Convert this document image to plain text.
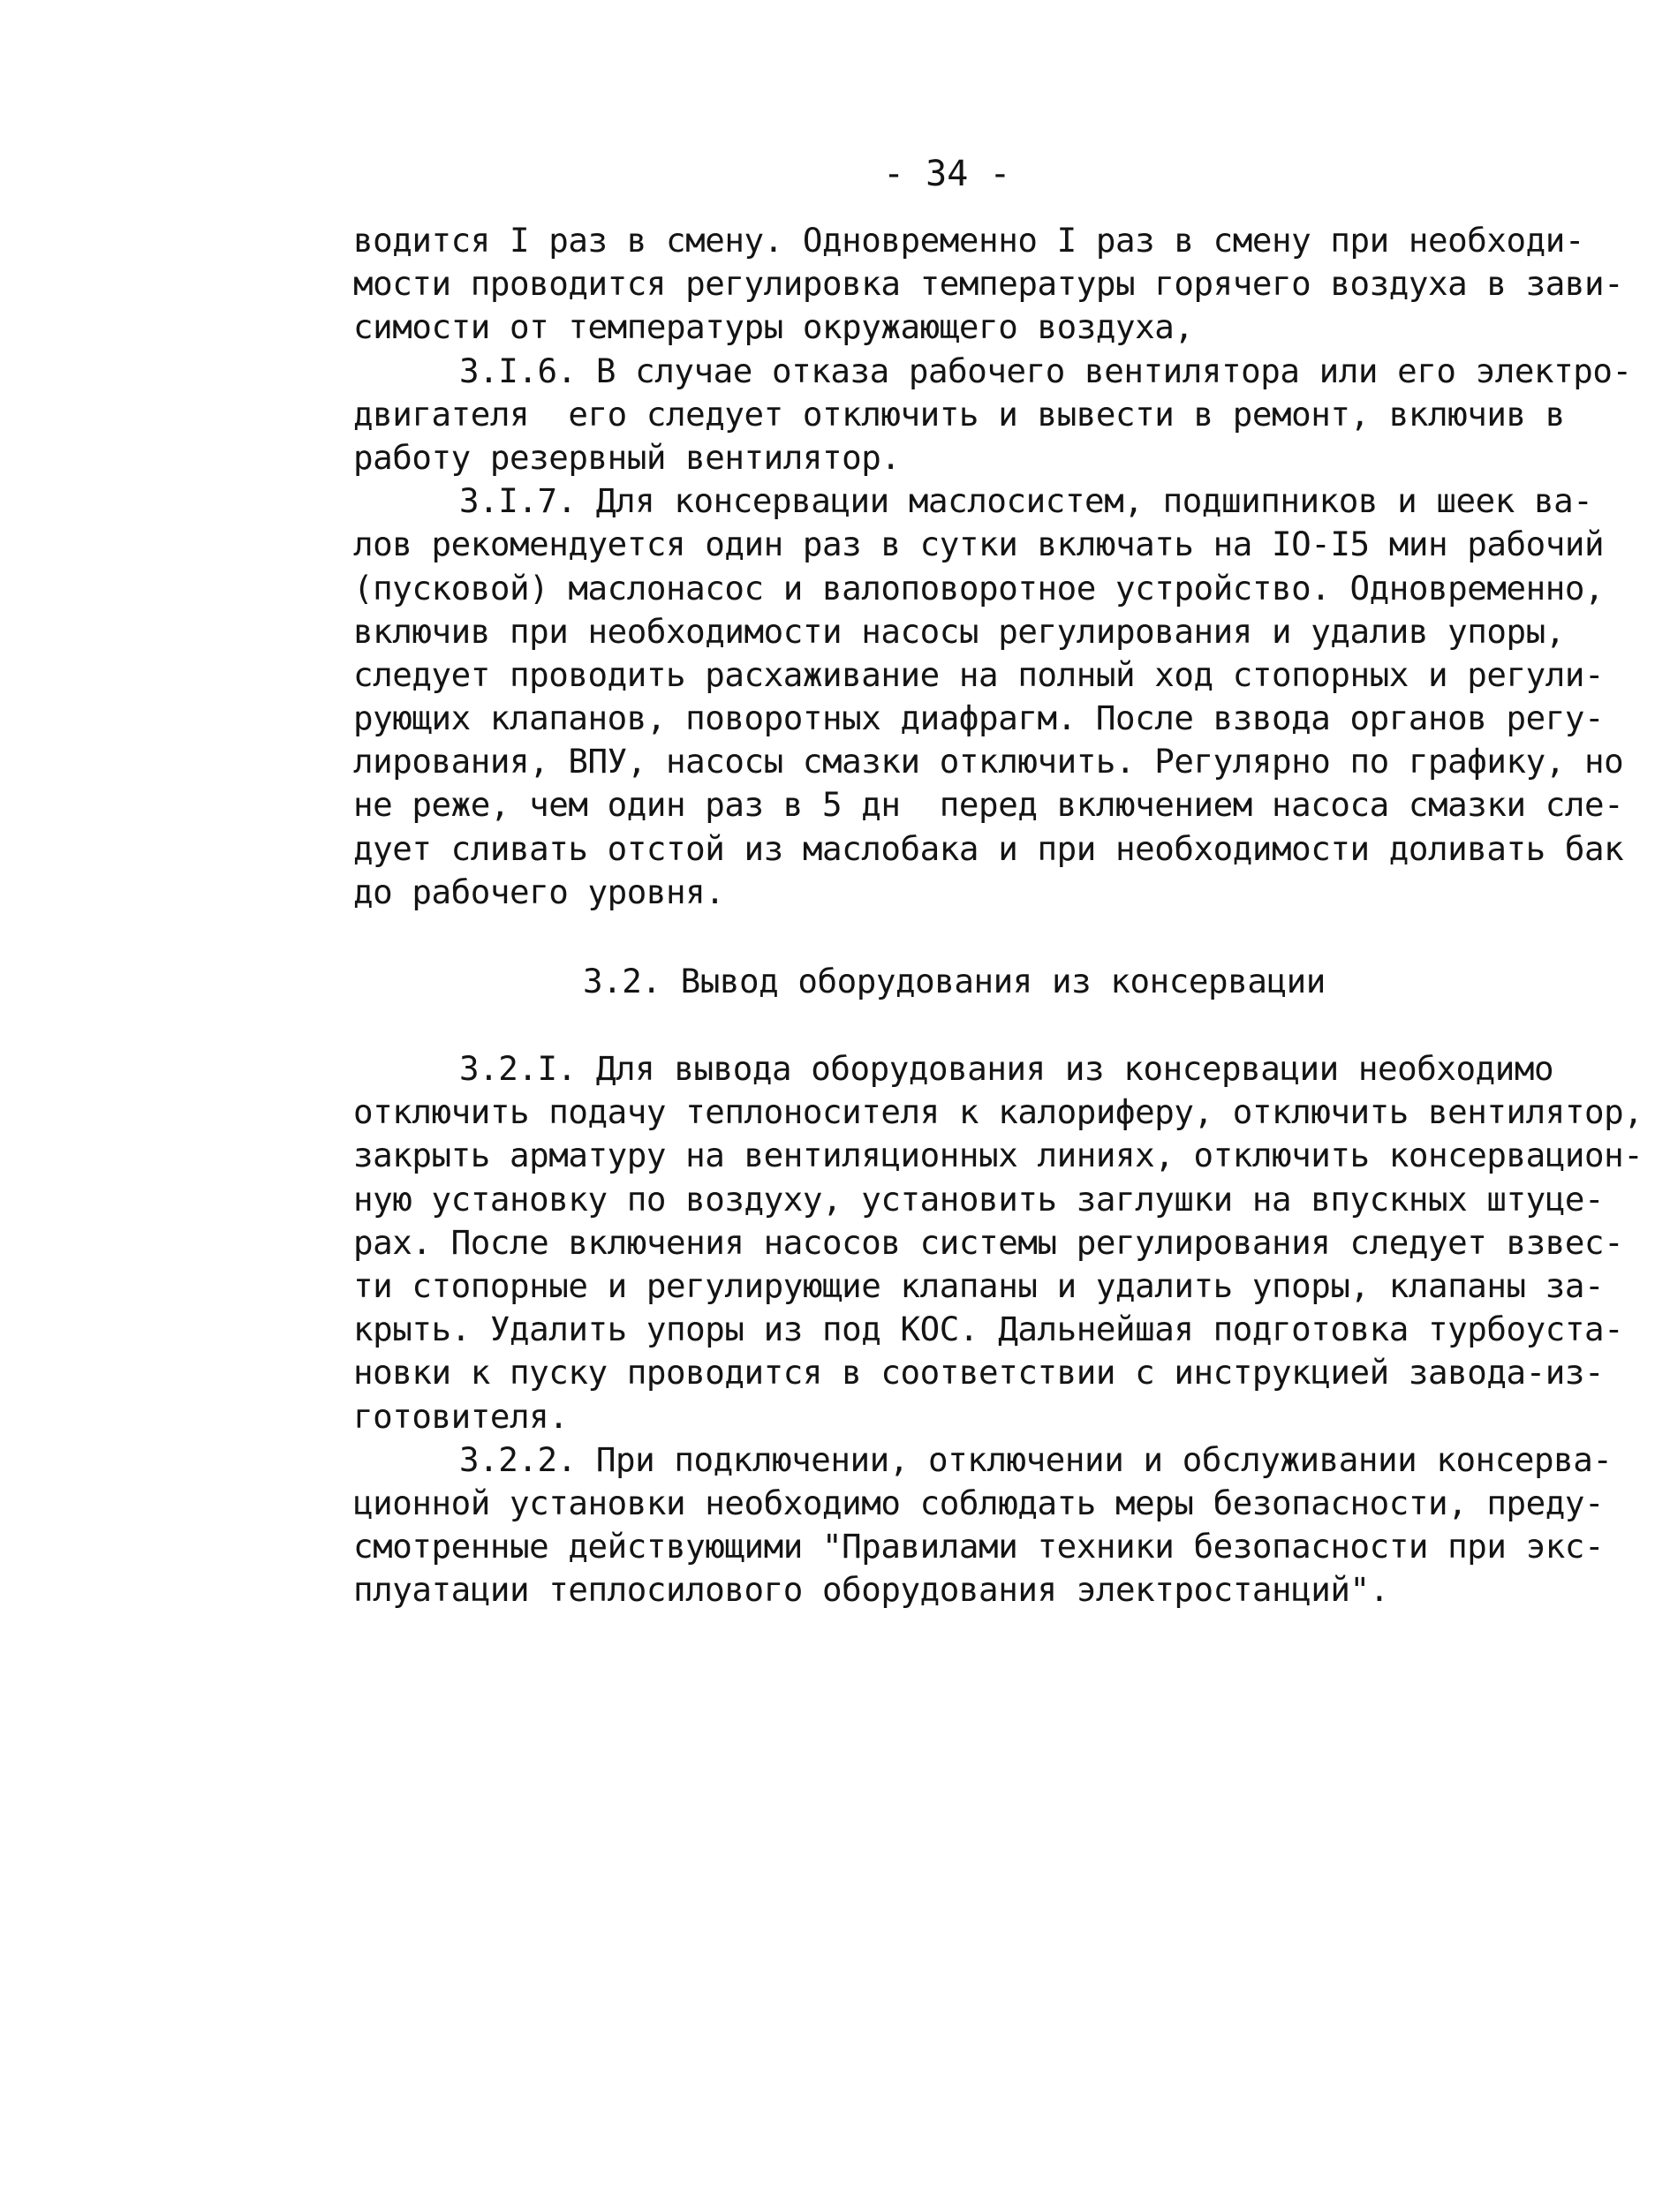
- 34 -
водится I раз в смену. Одновременно I раз в смену при необходи-
мости проводится регулировка температуры горячего воздуха в зави-
симости от температуры окружающего воздуха,
3.I.6. В случае отказа рабочего вентилятора или его электро-
двигателя  его следует отключить и вывести в ремонт, включив в
работу резервный вентилятор.
3.I.7. Для консервации маслосистем, подшипников и шеек ва-
лов рекомендуется один раз в сутки включать на IO-I5 мин рабочий
(пусковой) маслонасос и валоповоротное устройство. Одновременно,
включив при необходимости насосы регулирования и удалив упоры,
следует проводить расхаживание на полный ход стопорных и регули-
рующих клапанов, поворотных диафрагм. После взвода органов регу-
лирования, ВПУ, насосы смазки отключить. Регулярно по графику, но
не реже, чем один раз в 5 дн  перед включением насоса смазки сле-
дует сливать отстой из маслобака и при необходимости доливать бак
до рабочего уровня.
3.2. Вывод оборудования из консервации
3.2.I. Для вывода оборудования из консервации необходимо
отключить подачу теплоносителя к калориферу, отключить вентилятор,
закрыть арматуру на вентиляционных линиях, отключить консервацион-
ную установку по воздуху, установить заглушки на впускных штуце-
рах. После включения насосов системы регулирования следует взвес-
ти стопорные и регулирующие клапаны и удалить упоры, клапаны за-
крыть. Удалить упоры из под КОС. Дальнейшая подготовка турбоуста-
новки к пуску проводится в соответствии с инструкцией завода-из-
готовителя.
3.2.2. При подключении, отключении и обслуживании консерва-
ционной установки необходимо соблюдать меры безопасности, преду-
смотренные действующими "Правилами техники безопасности при экс-
плуатации теплосилового оборудования электростанций".
